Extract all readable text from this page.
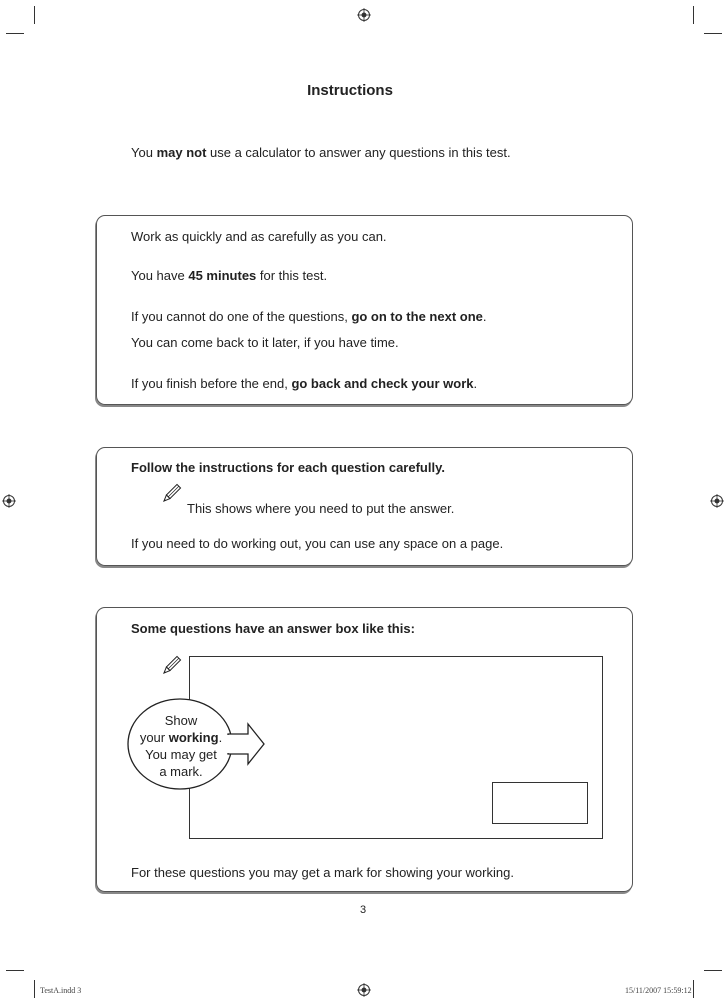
Instructions
You may not use a calculator to answer any questions in this test.
Work as quickly and as carefully as you can.
You have 45 minutes for this test.
If you cannot do one of the questions, go on to the next one.
You can come back to it later, if you have time.
If you finish before the end, go back and check your work.
Follow the instructions for each question carefully.
This shows where you need to put the answer.
If you need to do working out, you can use any space on a page.
Some questions have an answer box like this:
Show
your working.
You may get
a mark.
For these questions you may get a mark for showing your working.
3
TestA.indd 3	15/11/2007 15:59:12
